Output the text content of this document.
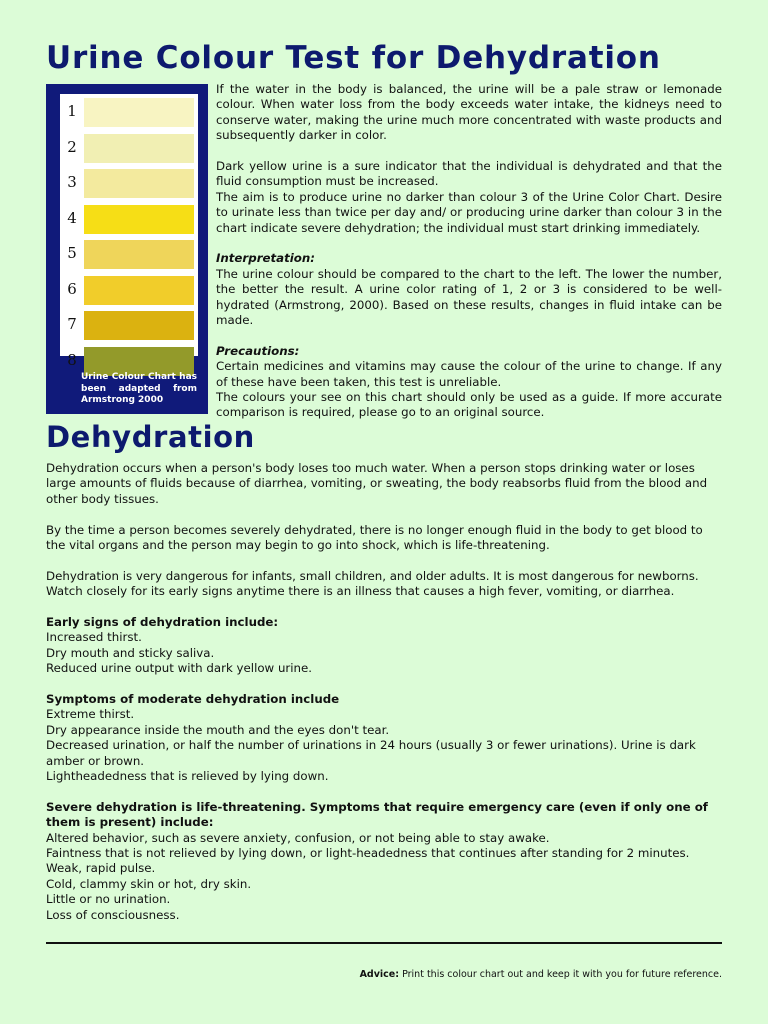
Urine Colour Test for Dehydration
1
2
3
4
5
6
7
8
Urine Colour Chart has been adapted from Armstrong 2000

If the water in the body is balanced, the urine will be a pale straw or lemonade colour. When water loss from the body exceeds water intake, the kidneys need to conserve water, making the urine much more concentrated with waste products and subsequently darker in color.

Dark yellow urine is a sure indicator that the individual is dehydrated and that the fluid consumption must be increased.

The aim is to produce urine no darker than colour 3 of the Urine Color Chart. Desire to urinate less than twice per day and/ or producing urine darker than colour 3 in the chart indicate severe dehydration; the individual must start drinking immediately.

Interpretation:

The urine colour should be compared to the chart to the left. The lower the number, the better the result. A urine color rating of 1, 2 or 3 is considered to be well-hydrated (Armstrong, 2000). Based on these results, changes in fluid intake can be made.

Precautions:

Certain medicines and vitamins may cause the colour of the urine to change. If any of these have been taken, this test is unreliable.

The colours your see on this chart should only be used as a guide. If more accurate comparison is required, please go to an original source.

Dehydration

Dehydration occurs when a person's body loses too much water. When a person stops drinking water or loses large amounts of fluids because of diarrhea, vomiting, or sweating, the body reabsorbs fluid from the blood and other body tissues.

By the time a person becomes severely dehydrated, there is no longer enough fluid in the body to get blood to the vital organs and the person may begin to go into shock, which is life-threatening.

Dehydration is very dangerous for infants, small children, and older adults. It is most dangerous for newborns. Watch closely for its early signs anytime there is an illness that causes a high fever, vomiting, or diarrhea.

Early signs of dehydration include:
Increased thirst.
Dry mouth and sticky saliva.
Reduced urine output with dark yellow urine.
Symptoms of moderate dehydration include
Extreme thirst.
Dry appearance inside the mouth and the eyes don't tear.
Decreased urination, or half the number of urinations in 24 hours (usually 3 or fewer urinations). Urine is dark amber or brown.
Lightheadedness that is relieved by lying down.
Severe dehydration is life-threatening. Symptoms that require emergency care (even if only one of them is present) include:
Altered behavior, such as severe anxiety, confusion, or not being able to stay awake.
Faintness that is not relieved by lying down, or light-headedness that continues after standing for 2 minutes.
Weak, rapid pulse.
Cold, clammy skin or hot, dry skin.
Little or no urination.
Loss of consciousness.
Advice: Print this colour chart out and keep it with you for future reference.
